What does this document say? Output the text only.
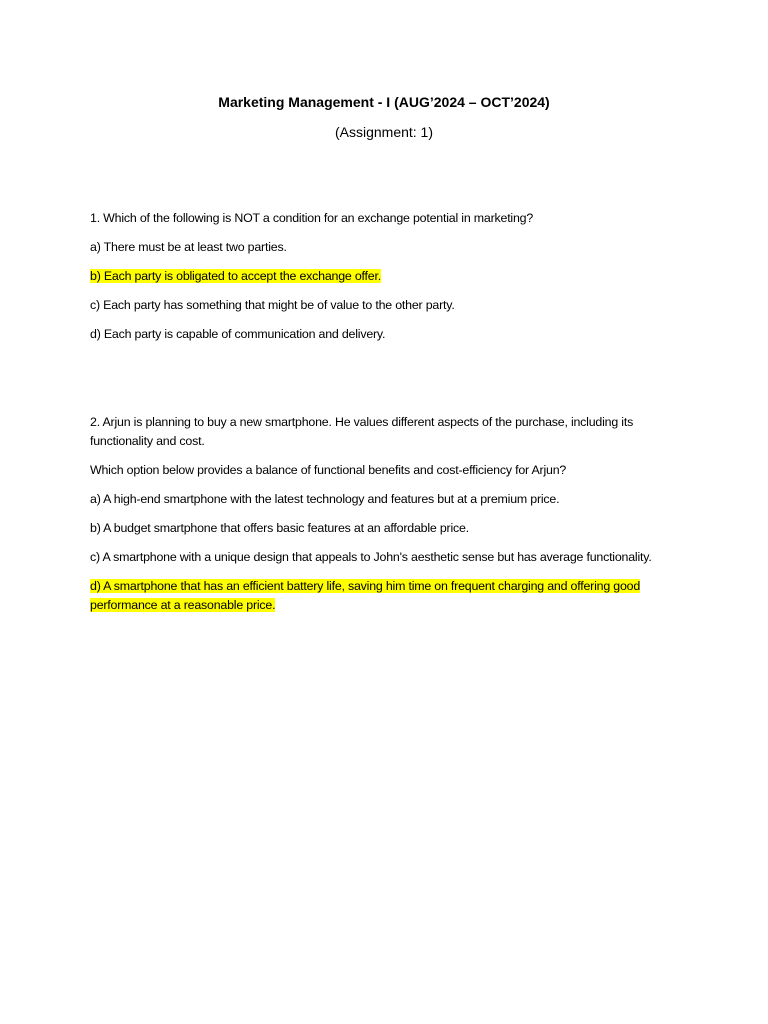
Marketing Management - I (AUG’2024 – OCT’2024)
(Assignment: 1)

1. Which of the following is NOT a condition for an exchange potential in marketing?

a) There must be at least two parties.

b) Each party is obligated to accept the exchange offer.

c) Each party has something that might be of value to the other party.

d) Each party is capable of communication and delivery.

2. Arjun is planning to buy a new smartphone. He values different aspects of the purchase, including its functionality and cost.

Which option below provides a balance of functional benefits and cost-efficiency for Arjun?

a) A high-end smartphone with the latest technology and features but at a premium price.

b) A budget smartphone that offers basic features at an affordable price.

c) A smartphone with a unique design that appeals to John's aesthetic sense but has average functionality.

d) A smartphone that has an efficient battery life, saving him time on frequent charging and offering good performance at a reasonable price.
